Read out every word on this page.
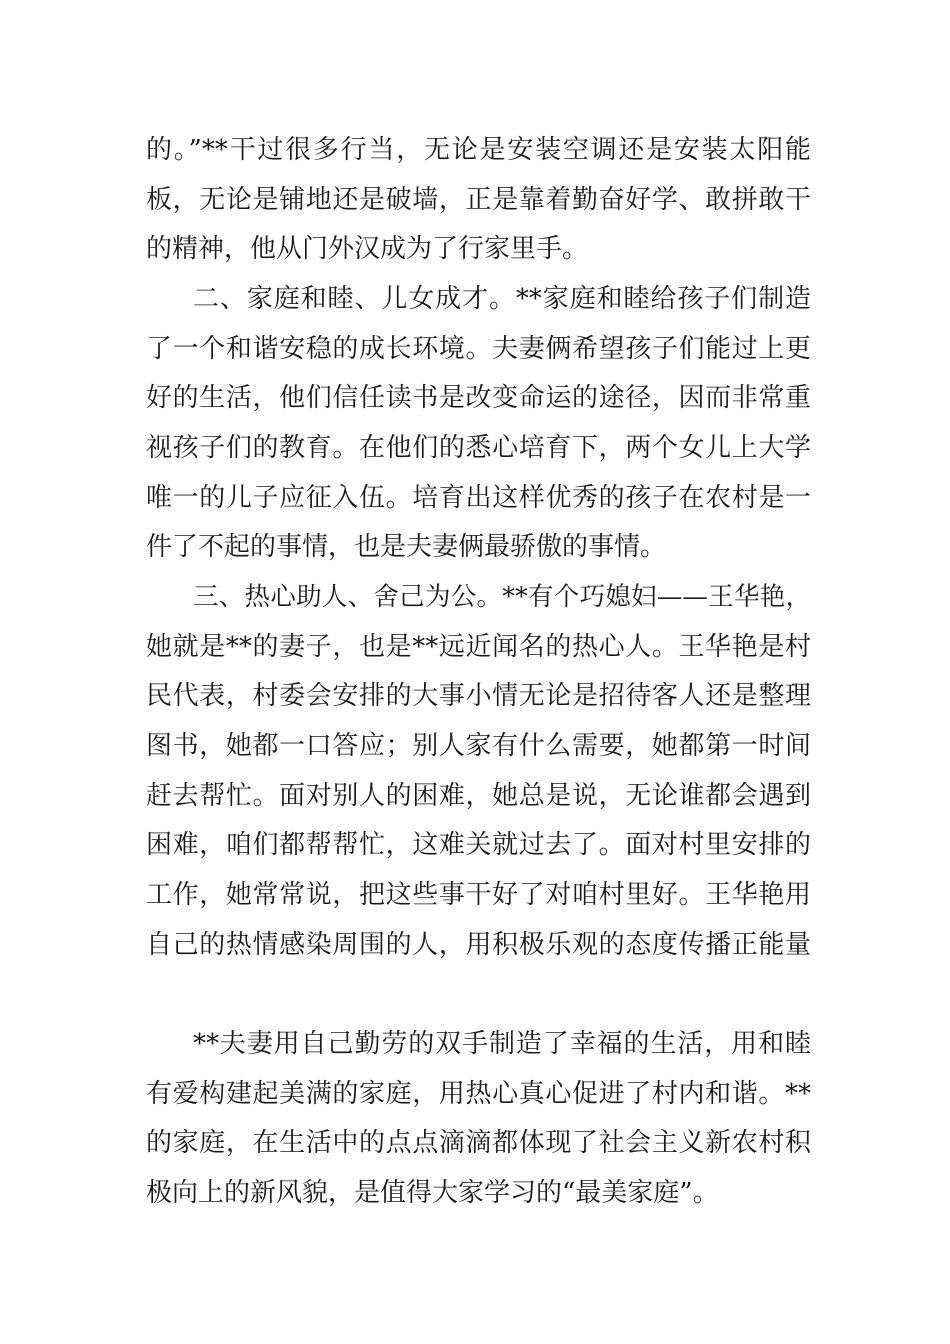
的。”**干过很多行当，无论是安装空调还是安装太阳能
板，无论是铺地还是破墙，正是靠着勤奋好学、敢拼敢干
的精神，他从门外汉成为了行家里手。
二、家庭和睦、儿女成才。**家庭和睦给孩子们制造
了一个和谐安稳的成长环境。夫妻俩希望孩子们能过上更
好的生活，他们信任读书是改变命运的途径，因而非常重
视孩子们的教育。在他们的悉心培育下，两个女儿上大学
唯一的儿子应征入伍。培育出这样优秀的孩子在农村是一
件了不起的事情，也是夫妻俩最骄傲的事情。
三、热心助人、舍己为公。**有个巧媳妇——王华艳，
她就是**的妻子，也是**远近闻名的热心人。王华艳是村
民代表，村委会安排的大事小情无论是招待客人还是整理
图书，她都一口答应；别人家有什么需要，她都第一时间
赶去帮忙。面对别人的困难，她总是说，无论谁都会遇到
困难，咱们都帮帮忙，这难关就过去了。面对村里安排的
工作，她常常说，把这些事干好了对咱村里好。王华艳用
自己的热情感染周围的人，用积极乐观的态度传播正能量
**夫妻用自己勤劳的双手制造了幸福的生活，用和睦
有爱构建起美满的家庭，用热心真心促进了村内和谐。**
的家庭，在生活中的点点滴滴都体现了社会主义新农村积
极向上的新风貌，是值得大家学习的“最美家庭”。
